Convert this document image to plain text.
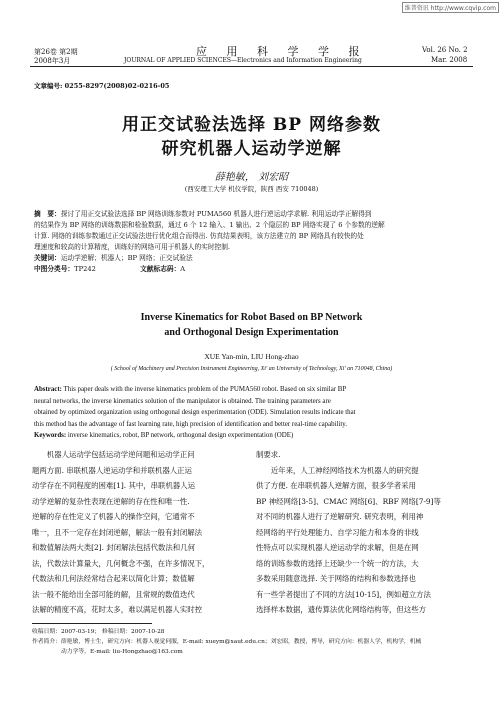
维普资讯 http://www.cqvip.com
第26卷 第2期
2008年3月
应 用 科 学 学 报
JOURNAL OF APPLIED SCIENCES—Electronics and Information Engineering
Vol. 26 No. 2
Mar. 2008
文章编号: 0255-8297(2008)02-0216-05
用正交试验法选择 BP 网络参数
研究机器人运动学逆解
薛艳敏， 刘宏昭
(西安理工大学 机仪学院，陕西 西安 710048)
摘　要：探讨了用正交试验法选择 BP 网络训练参数对 PUMA560 机器人进行逆运动学求解. 利用运动学正解得到
的结果作为 BP 网络的训练数据和检验数据，通过 6 个 12 输入、1 输出、2 个隐层的 BP 网络实现了 6 个参数的逆解
计算. 网络的训练参数通过正交试验法进行优化组合而得出. 仿真结果表明，该方法建立的 BP 网络具有较快的处
理速度和较高的计算精度，训练好的网络可用于机器人的实时控制.
关键词：运动学逆解；机器人；BP 网络；正交试验法
中图分类号：TP242	文献标志码：A
Inverse Kinematics for Robot Based on BP Network
and Orthogonal Design Experimentation
XUE Yan-min, LIU Hong-zhao
( School of Machinery and Precision Instrument Engineering, Xi' an University of Technology, Xi' an 710048, China)
Abstract: This paper deals with the inverse kinematics problem of the PUMA560 robot. Based on six similar BP
neural networks, the inverse kinematics solution of the manipulator is obtained. The training parameters are
obtained by optimized organization using orthogonal design experimentation (ODE). Simulation results indicate that
this method has the advantage of fast learning rate, high precision of identification and better real-time capability.
Keywords: inverse kinematics, robot, BP network, orthogonal design experimentation (ODE)
　　机器人运动学包括运动学逆问题和运动学正问
题两方面. 串联机器人逆运动学和并联机器人正运
动学存在不同程度的困难[1]. 其中，串联机器人运
动学逆解的复杂性表现在逆解的存在性和唯一性.
逆解的存在性定义了机器人的操作空间，它通常不
唯一，且不一定存在封闭逆解，解法一般有封闭解法
和数值解法两大类[2]. 封闭解法包括代数法和几何
法，代数法计算量大，几何概念不强，在许多情况下，
代数法和几何法经常结合起来以简化计算；数值解
法一般不能给出全部可能的解，且常规的数值迭代
法解的精度不高，花时太多，难以满足机器人实时控
制要求.
　　近年来，人工神经网络技术为机器人的研究提
供了方便. 在串联机器人逆解方面，很多学者采用
BP 神经网络[3-5]、CMAC 网络[6]、RBF 网络[7-9]等
对不同的机器人进行了逆解研究. 研究表明，利用神
经网络的平行处理能力、自学习能力和本身的非线
性特点可以实现机器人逆运动学的求解，但是在网
络的训练参数的选择上还缺少一个统一的方法，大
多数采用随意选择. 关于网络的结构和参数选择也
有一些学者提出了不同的方法[10-15]，例如超立方法
选择样本数据，遗传算法优化网络结构等，但这些方
收稿日期：2007-03-19； 修稿日期：2007-10-28
作者简介：薛艳敏，博士生，研究方向：机器人视觉伺服，E-mail: xueym@xaut.edu.cn；刘宏昭，教授，博导，研究方向：机器人学，机构学，机械
　　　　　动力学等，E-mail: liu-Hongzhao@163.com
